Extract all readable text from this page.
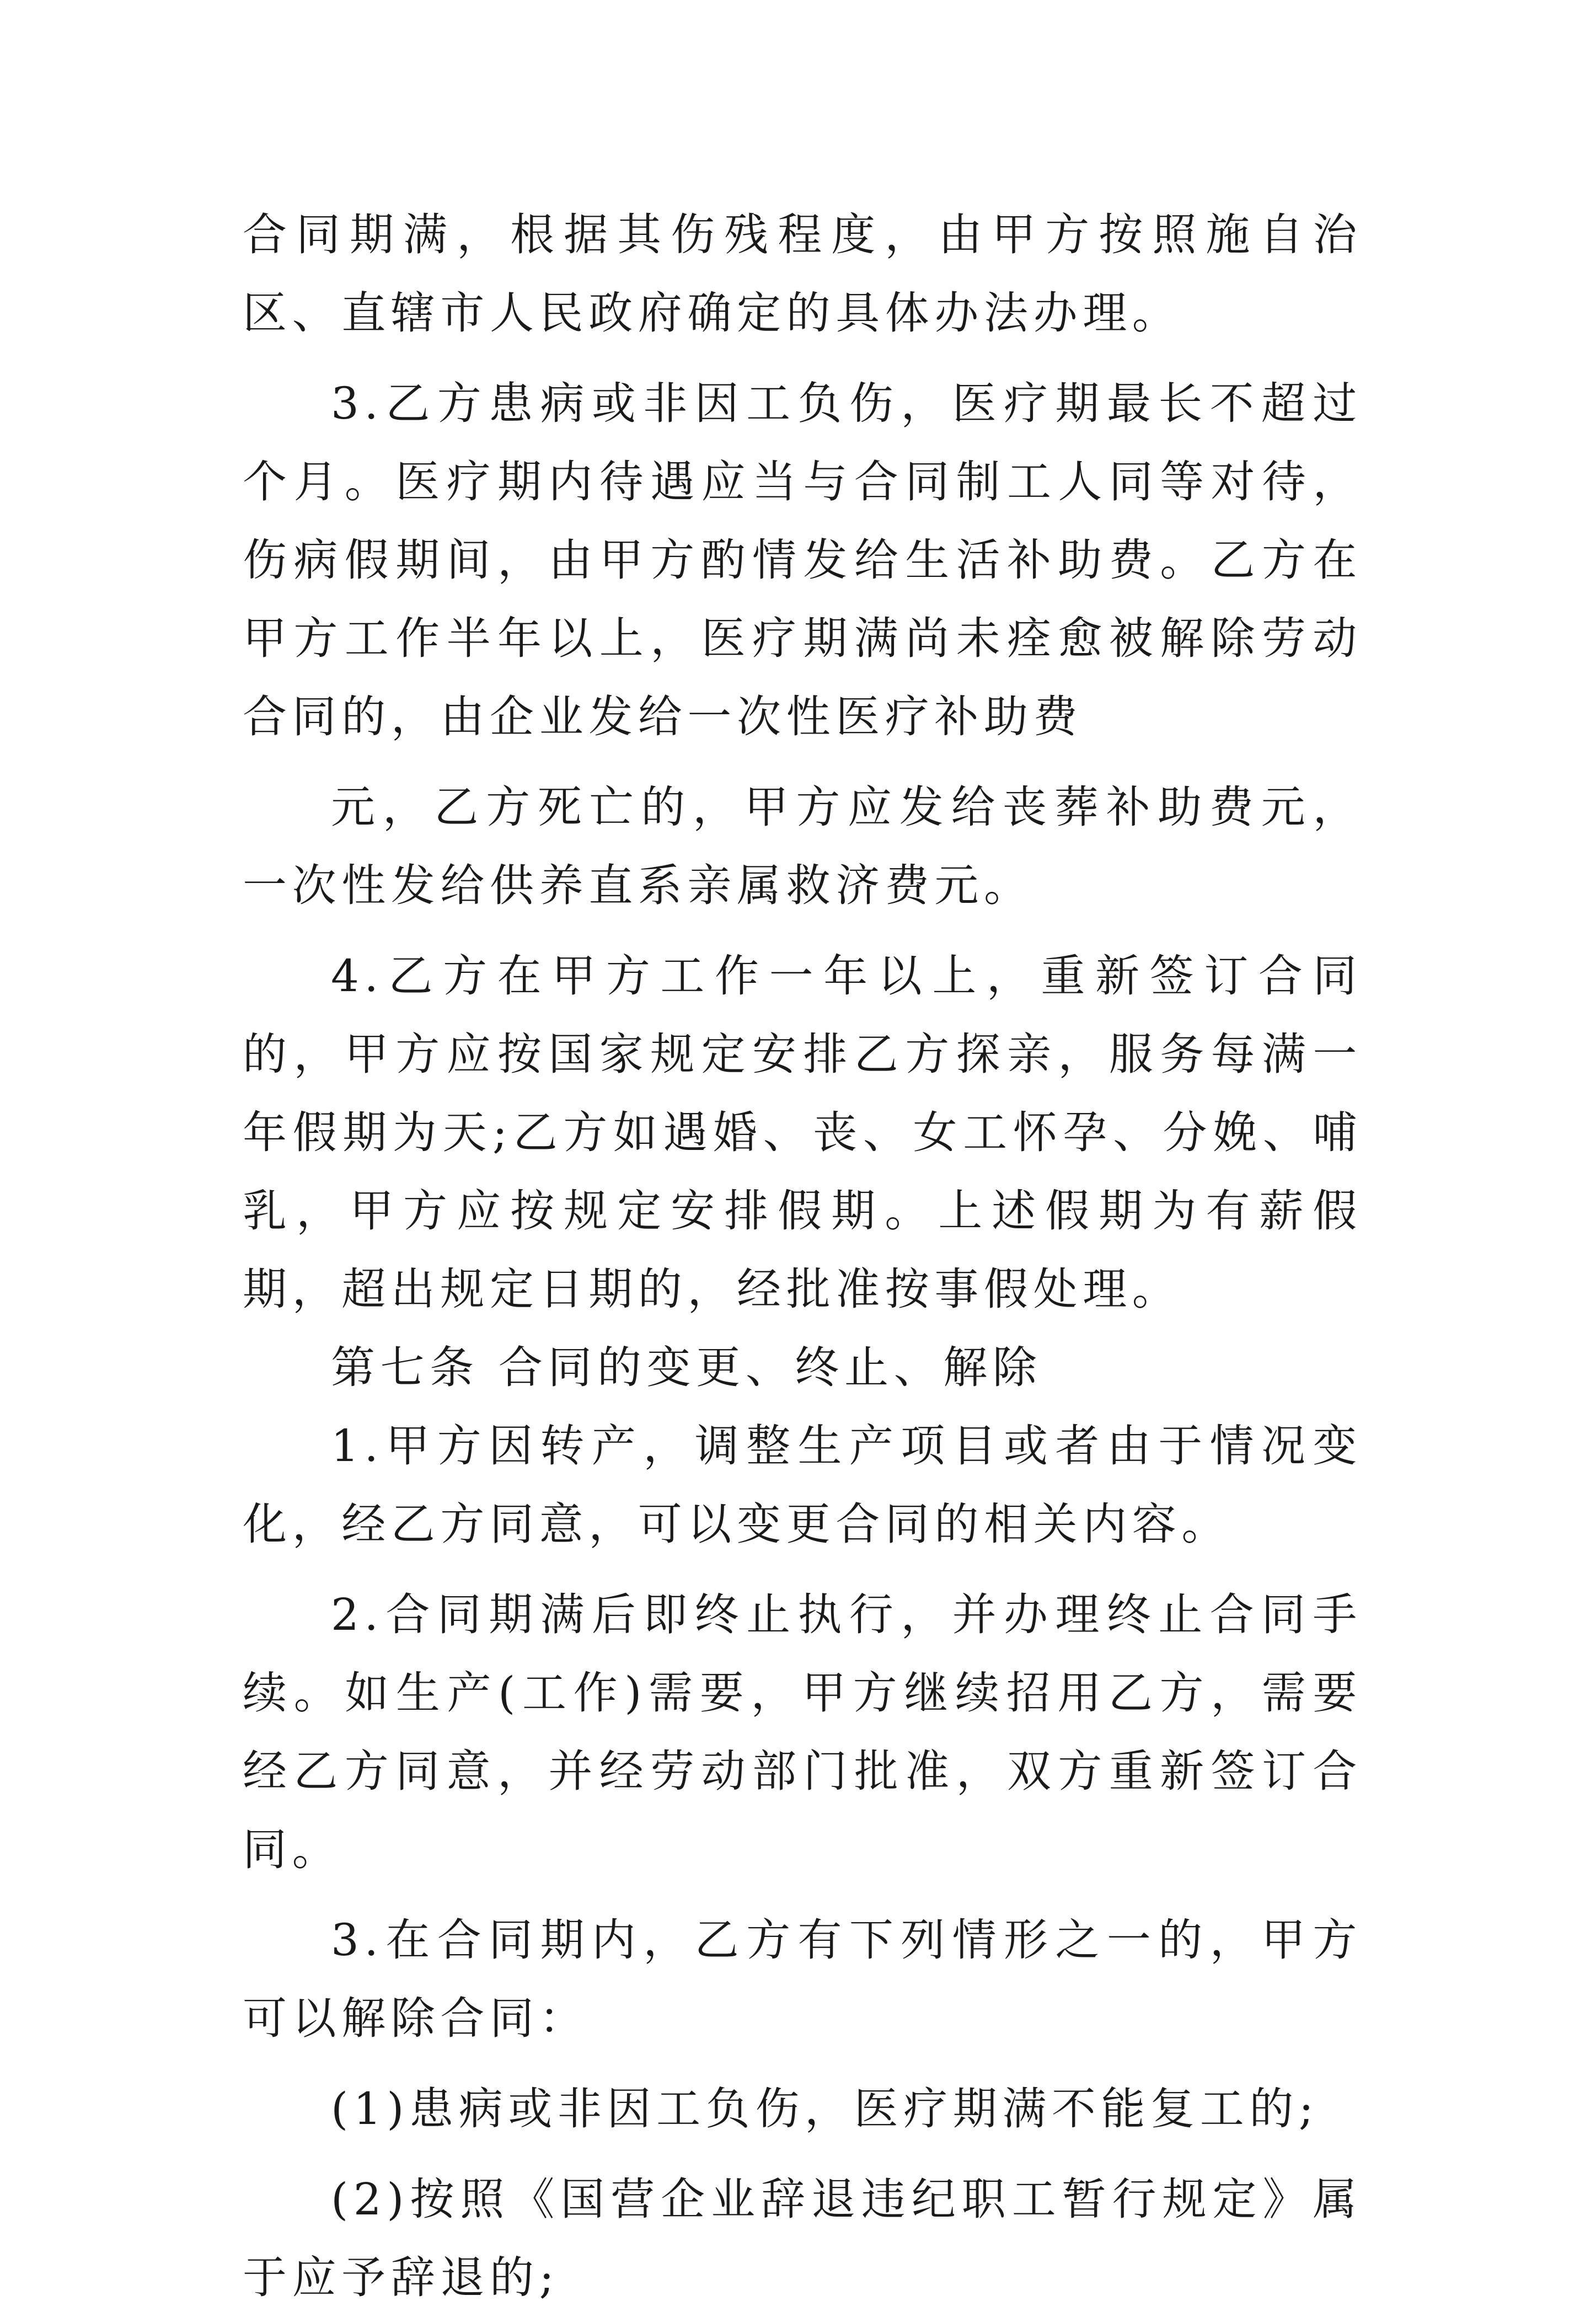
合同期满，根据其伤残程度，由甲方按照施自治区、直辖市人民政府确定的具体办法办理。

3.乙方患病或非因工负伤，医疗期最长不超过个月。医疗期内待遇应当与合同制工人同等对待，伤病假期间，由甲方酌情发给生活补助费。乙方在甲方工作半年以上，医疗期满尚未痊愈被解除劳动合同的，由企业发给一次性医疗补助费

元，乙方死亡的，甲方应发给丧葬补助费元，一次性发给供养直系亲属救济费元。

4.乙方在甲方工作一年以上，重新签订合同的，甲方应按国家规定安排乙方探亲，服务每满一年假期为天;乙方如遇婚、丧、女工怀孕、分娩、哺乳，甲方应按规定安排假期。上述假期为有薪假期，超出规定日期的，经批准按事假处理。

第七条 合同的变更、终止、解除

1.甲方因转产，调整生产项目或者由于情况变化，经乙方同意，可以变更合同的相关内容。

2.合同期满后即终止执行，并办理终止合同手续。如生产(工作)需要，甲方继续招用乙方，需要经乙方同意，并经劳动部门批准，双方重新签订合同。

3.在合同期内，乙方有下列情形之一的，甲方可以解除合同：

(1)患病或非因工负伤，医疗期满不能复工的;

(2)按照《国营企业辞退违纪职工暂行规定》属于应予辞退的;
